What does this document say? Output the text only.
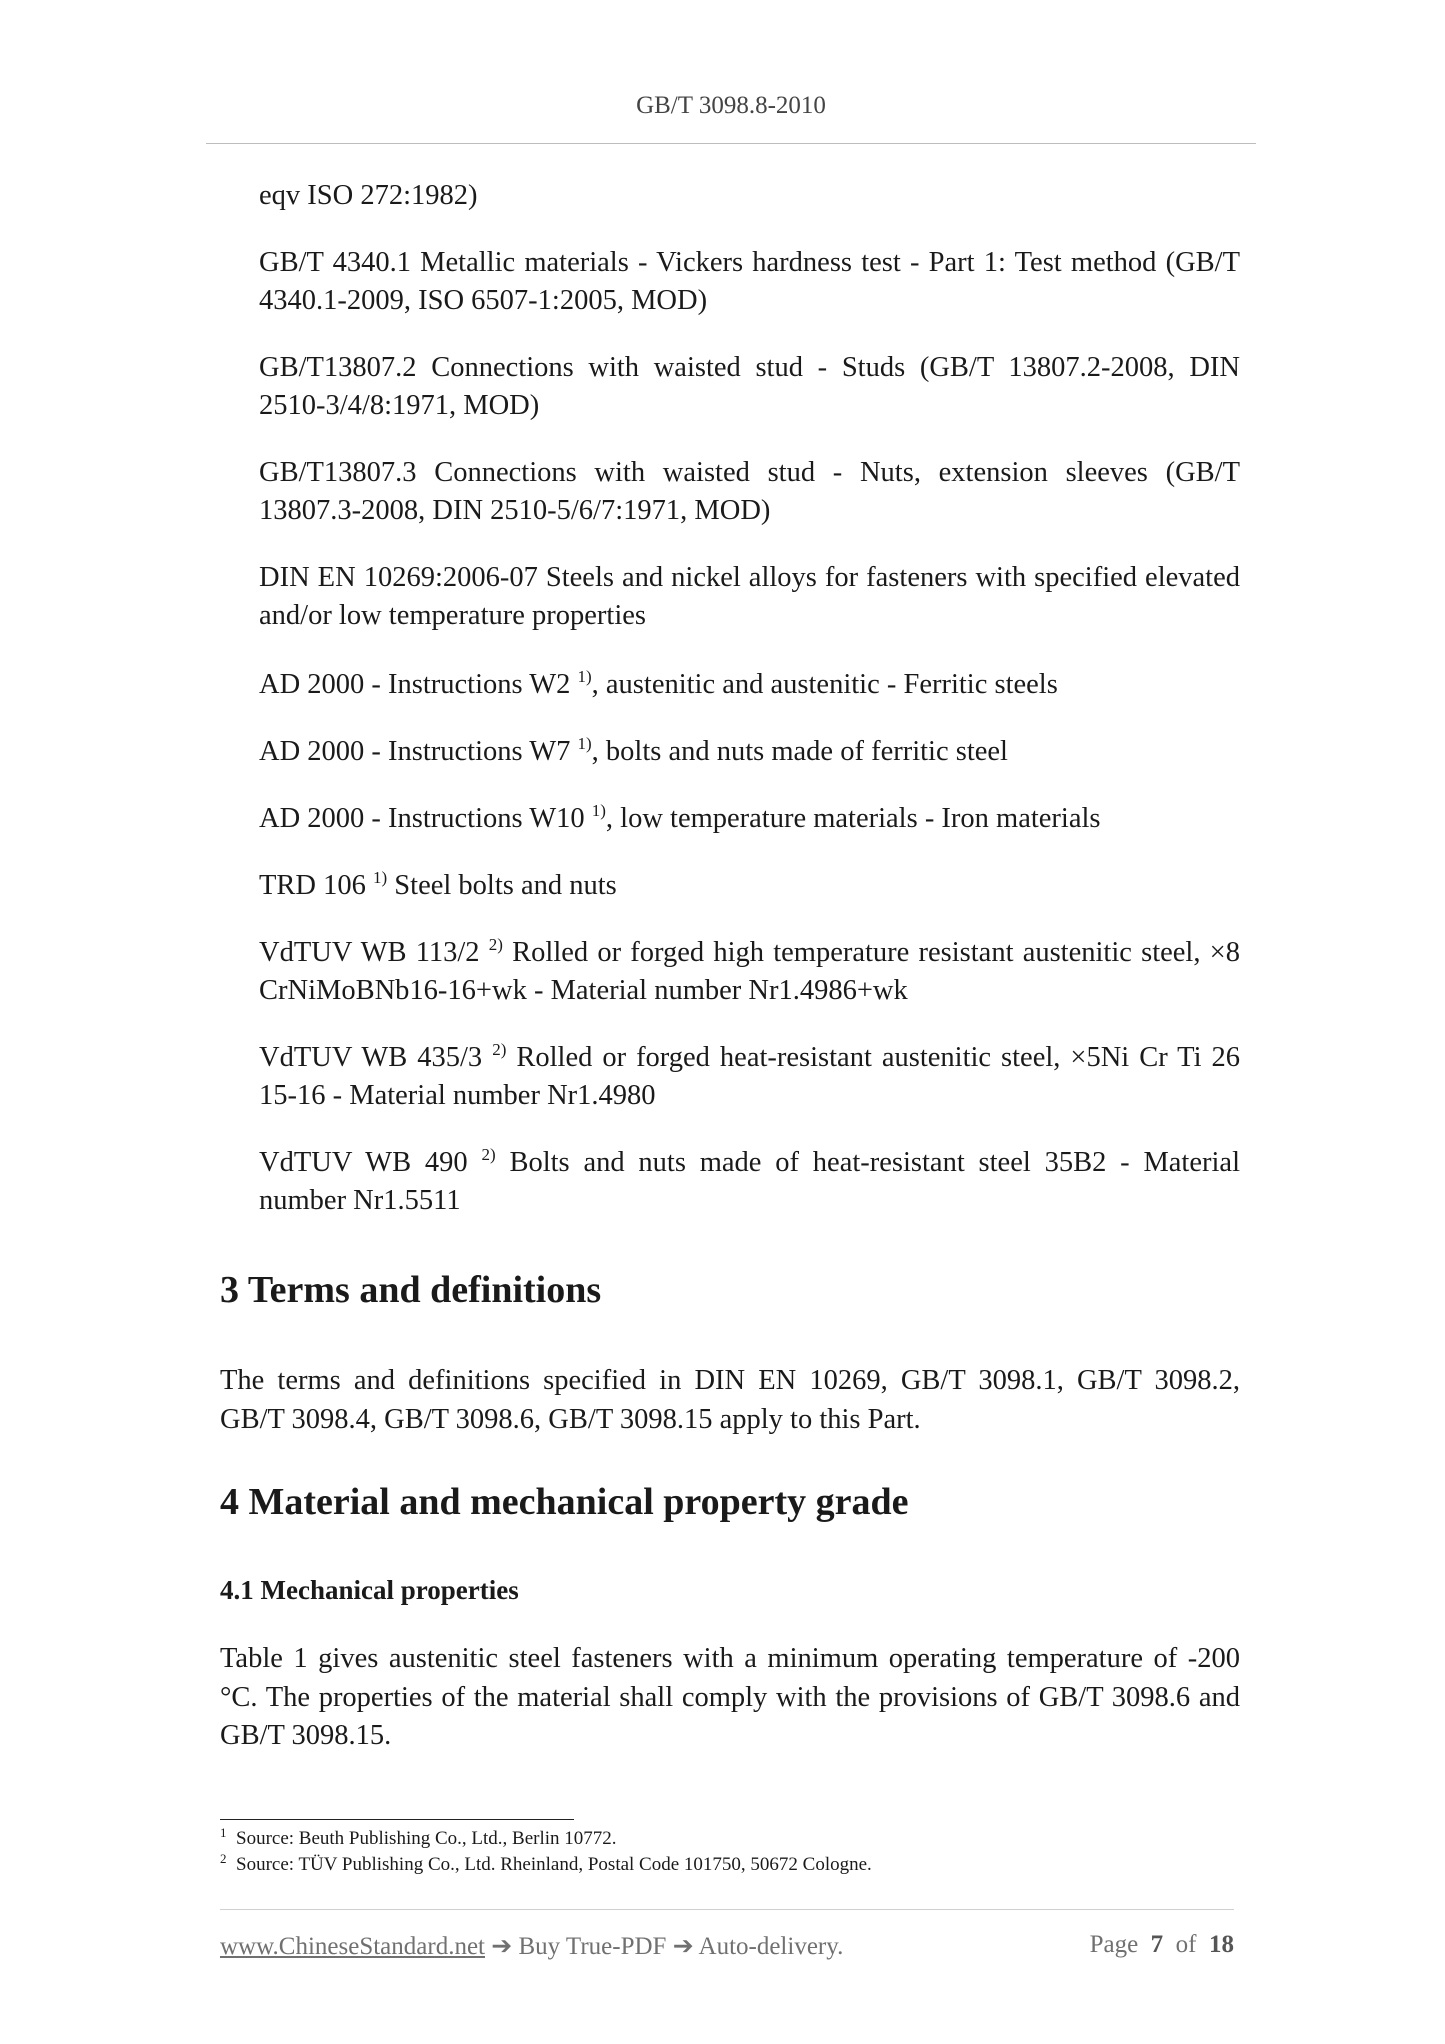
GB/T 3098.8-2010
eqv ISO 272:1982)
GB/T 4340.1 Metallic materials - Vickers hardness test - Part 1: Test method (GB/T 4340.1-2009, ISO 6507-1:2005, MOD)
GB/T13807.2 Connections with waisted stud - Studs (GB/T 13807.2-2008, DIN 2510-3/4/8:1971, MOD)
GB/T13807.3 Connections with waisted stud - Nuts, extension sleeves (GB/T 13807.3-2008, DIN 2510-5/6/7:1971, MOD)
DIN EN 10269:2006-07 Steels and nickel alloys for fasteners with specified elevated and/or low temperature properties
AD 2000 - Instructions W2 $^{1)}$, austenitic and austenitic - Ferritic steels
AD 2000 - Instructions W7 $^{1)}$, bolts and nuts made of ferritic steel
AD 2000 - Instructions W10 $^{1)}$, low temperature materials - Iron materials
TRD 106 $^{1)}$ Steel bolts and nuts
VdTUV WB 113/2 $^{2)}$ Rolled or forged high temperature resistant austenitic steel, ×8 CrNiMoBNb16-16+wk - Material number Nr1.4986+wk
VdTUV WB 435/3 $^{2)}$ Rolled or forged heat-resistant austenitic steel, ×5Ni Cr Ti 26 15-16 - Material number Nr1.4980
VdTUV WB 490 $^{2)}$ Bolts and nuts made of heat-resistant steel 35B2 - Material number Nr1.5511
3 Terms and definitions
The terms and definitions specified in DIN EN 10269, GB/T 3098.1, GB/T 3098.2, GB/T 3098.4, GB/T 3098.6, GB/T 3098.15 apply to this Part.
4 Material and mechanical property grade
4.1 Mechanical properties
Table 1 gives austenitic steel fasteners with a minimum operating temperature of -200 °C. The properties of the material shall comply with the provisions of GB/T 3098.6 and GB/T 3098.15.
$^1$ Source: Beuth Publishing Co., Ltd., Berlin 10772.
$^2$ Source: TÜV Publishing Co., Ltd. Rheinland, Postal Code 101750, 50672 Cologne.
www.ChineseStandard.net ➔ Buy True-PDF ➔ Auto-delivery.	Page 7 of 18
